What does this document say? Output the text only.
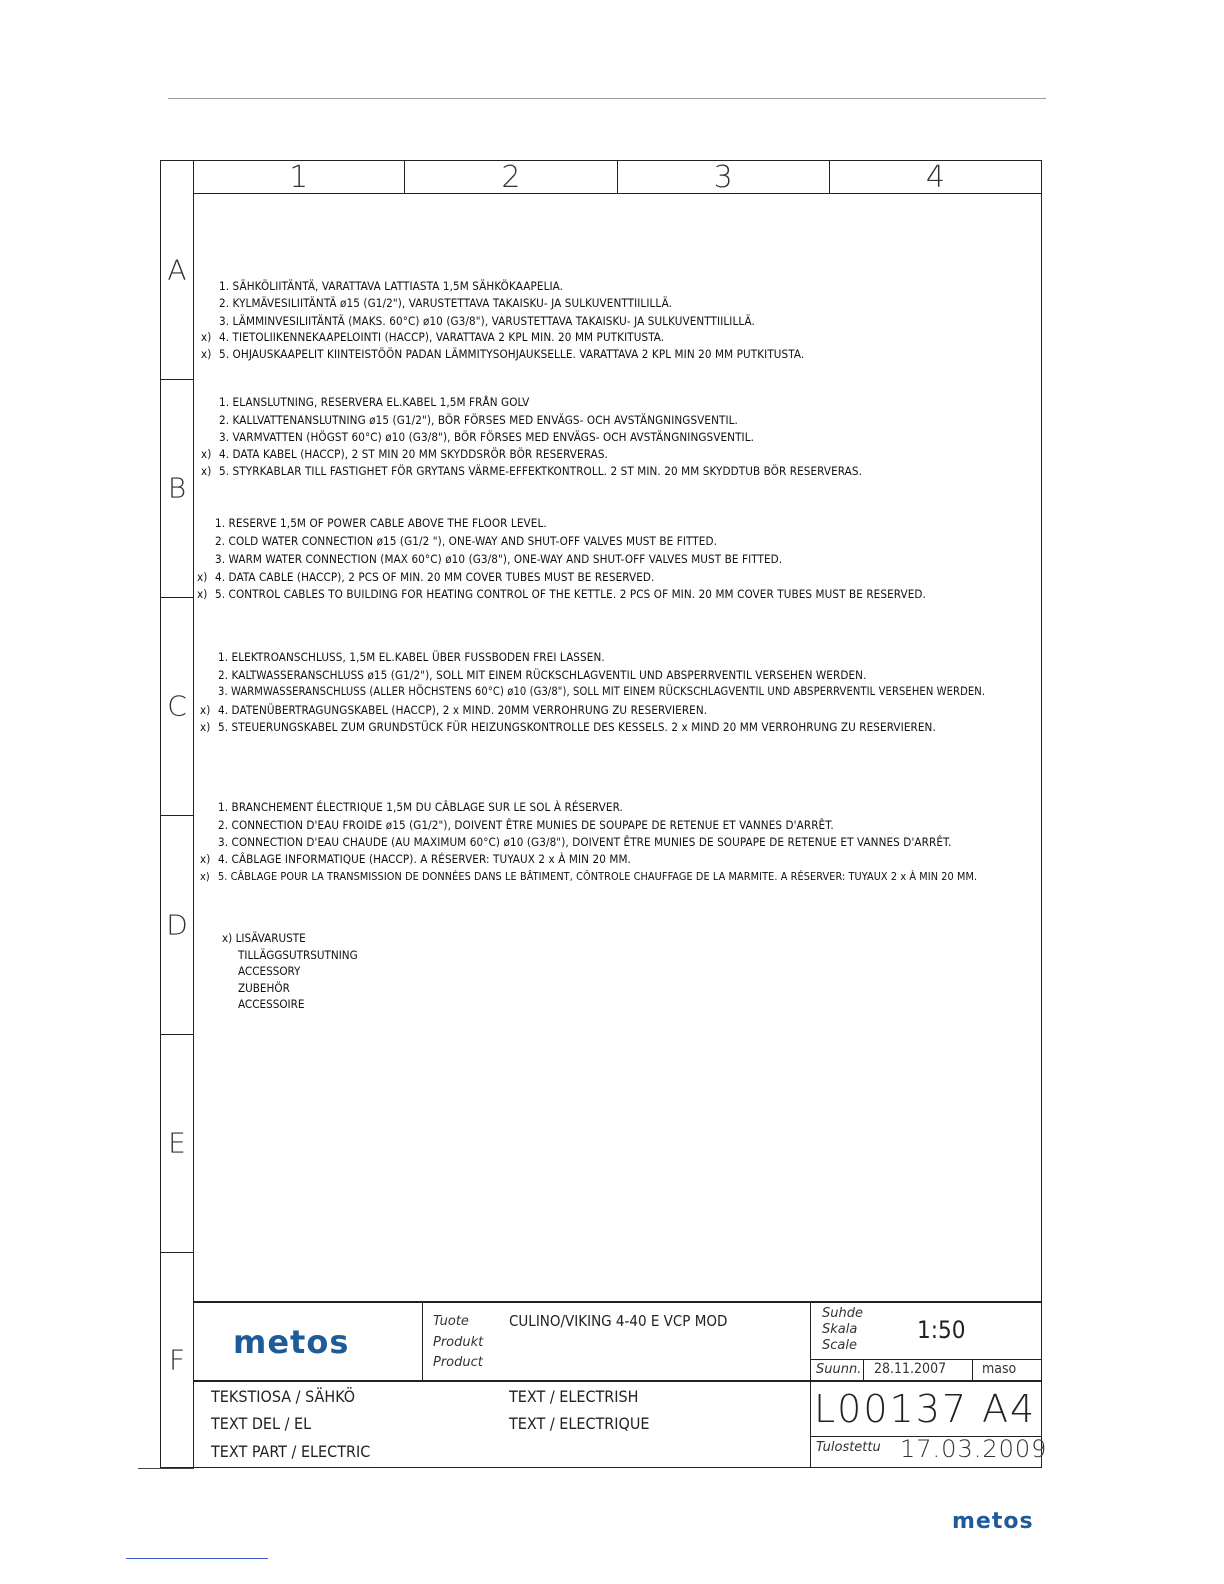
1	2	3	4
A
B
C
D
E
F
1. SÄHKÖLIITÄNTÄ, VARATTAVA LATTIASTA 1,5M SÄHKÖKAAPELIA.
2. KYLMÄVESILIITÄNTÄ ø15 (G1/2"), VARUSTETTAVA TAKAISKU- JA SULKUVENTTIILILLÄ.
3. LÄMMINVESILIITÄNTÄ (MAKS. 60°C) ø10 (G3/8"), VARUSTETTAVA TAKAISKU- JA SULKUVENTTIILILLÄ.
x) 4. TIETOLIIKENNEKAAPELOINTI (HACCP), VARATTAVA 2 KPL MIN. 20 MM PUTKITUSTA.
x) 5. OHJAUSKAAPELIT KIINTEISTÖÖN PADAN LÄMMITYSOHJAUKSELLE. VARATTAVA 2 KPL MIN 20 MM PUTKITUSTA.
1. ELANSLUTNING, RESERVERA EL.KABEL 1,5M FRÅN GOLV
2. KALLVATTENANSLUTNING ø15 (G1/2"), BÖR FÖRSES MED ENVÄGS- OCH AVSTÄNGNINGSVENTIL.
3. VARMVATTEN (HÖGST 60°C) ø10 (G3/8"), BÖR FÖRSES MED ENVÄGS- OCH AVSTÄNGNINGSVENTIL.
x) 4. DATA KABEL (HACCP), 2 ST MIN 20 MM SKYDDSRÖR BÖR RESERVERAS.
x) 5. STYRKABLAR TILL FASTIGHET FÖR GRYTANS VÄRME-EFFEKTKONTROLL. 2 ST MIN. 20 MM SKYDDTUB BÖR RESERVERAS.
1. RESERVE 1,5M OF POWER CABLE ABOVE THE FLOOR LEVEL.
2. COLD WATER CONNECTION ø15 (G1/2 "), ONE-WAY AND SHUT-OFF VALVES MUST BE FITTED.
3. WARM WATER CONNECTION (MAX 60°C) ø10 (G3/8"), ONE-WAY AND SHUT-OFF VALVES MUST BE FITTED.
x) 4. DATA CABLE (HACCP), 2 PCS OF MIN. 20 MM COVER TUBES MUST BE RESERVED.
x) 5. CONTROL CABLES TO BUILDING FOR HEATING CONTROL OF THE KETTLE. 2 PCS OF MIN. 20 MM COVER TUBES MUST BE RESERVED.
1. ELEKTROANSCHLUSS, 1,5M EL.KABEL ÜBER FUSSBODEN FREI LASSEN.
2. KALTWASSERANSCHLUSS ø15 (G1/2"), SOLL MIT EINEM RÜCKSCHLAGVENTIL UND ABSPERRVENTIL VERSEHEN WERDEN.
3. WARMWASSERANSCHLUSS (ALLER HÖCHSTENS 60°C) ø10 (G3/8"), SOLL MIT EINEM RÜCKSCHLAGVENTIL UND ABSPERRVENTIL VERSEHEN WERDEN.
x) 4. DATENÜBERTRAGUNGSKABEL (HACCP), 2 x MIND. 20MM VERROHRUNG ZU RESERVIEREN.
x) 5. STEUERUNGSKABEL ZUM GRUNDSTÜCK FÜR HEIZUNGSKONTROLLE DES KESSELS. 2 x MIND 20 MM VERROHRUNG ZU RESERVIEREN.
1. BRANCHEMENT ÉLECTRIQUE 1,5M DU CÂBLAGE SUR LE SOL À RÉSERVER.
2. CONNECTION D'EAU FROIDE ø15 (G1/2"), DOIVENT ÊTRE MUNIES DE SOUPAPE DE RETENUE ET VANNES D'ARRÊT.
3. CONNECTION D'EAU CHAUDE (AU MAXIMUM 60°C) ø10 (G3/8"), DOIVENT ÊTRE MUNIES DE SOUPAPE DE RETENUE ET VANNES D'ARRÊT.
x) 4. CÂBLAGE INFORMATIQUE (HACCP). A RÉSERVER: TUYAUX 2 x À MIN 20 MM.
x) 5. CÂBLAGE POUR LA TRANSMISSION DE DONNÉES DANS LE BÂTIMENT, CÔNTROLE CHAUFFAGE DE LA MARMITE. A RÉSERVER: TUYAUX 2 x À MIN 20 MM.
x) LISÄVARUSTE
TILLÄGGSUTRSUTNING
ACCESSORY
ZUBEHÖR
ACCESSOIRE
metos
Tuote
Produkt
Product
CULINO/VIKING 4-40 E VCP MOD	Suhde
Skala
Scale
1:50
Suunn. 28.11.2007	maso
TEKSTIOSA / SÄHKÖ
TEXT DEL / EL
TEXT PART / ELECTRIC
TEXT / ELECTRISH
TEXT / ELECTRIQUE	L00137 A 4
Tulostettu 17.03.2009
metos
